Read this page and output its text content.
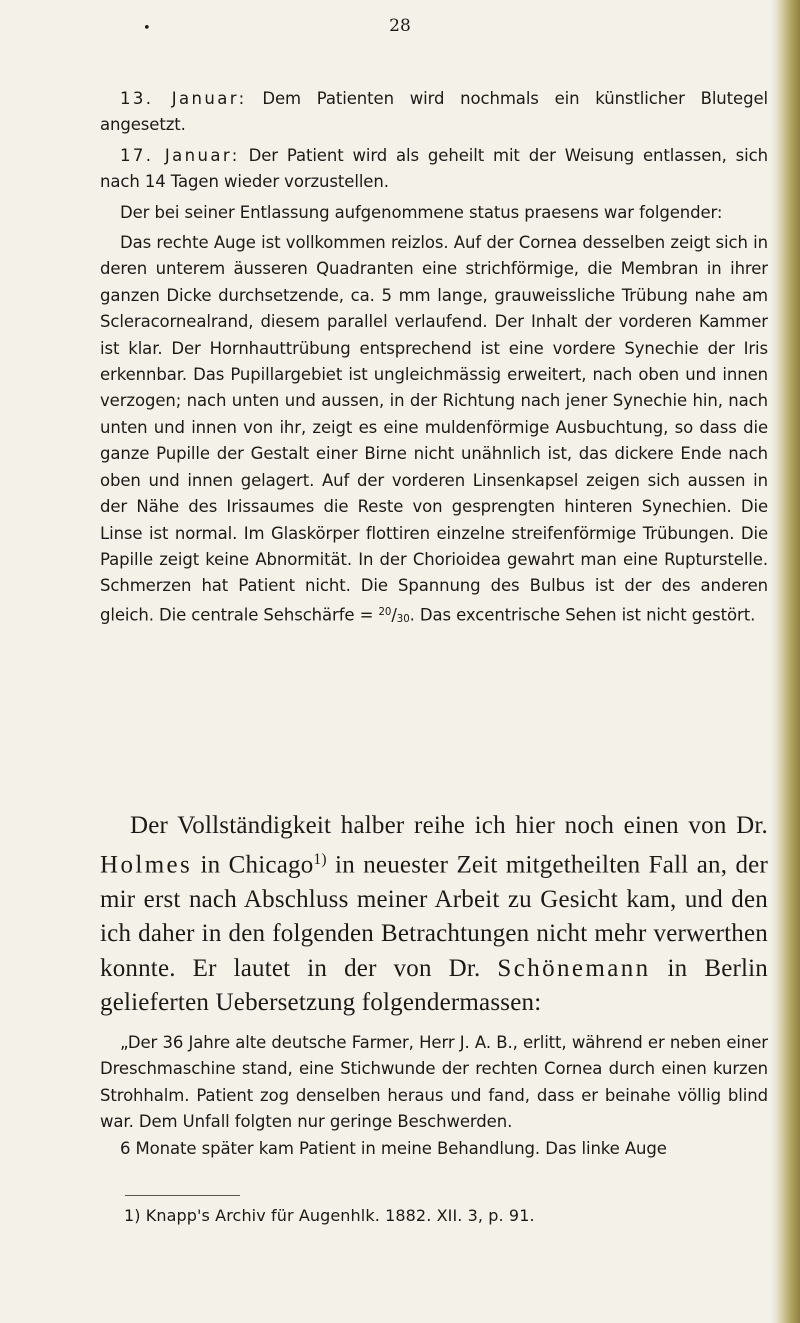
28
•

13. Januar: Dem Patienten wird nochmals ein künstlicher Blutegel angesetzt.

17. Januar: Der Patient wird als geheilt mit der Weisung entlassen, sich nach 14 Tagen wieder vorzustellen.

Der bei seiner Entlassung aufgenommene status praesens war folgender:

Das rechte Auge ist vollkommen reizlos. Auf der Cornea desselben zeigt sich in deren unterem äusseren Quadranten eine strichförmige, die Membran in ihrer ganzen Dicke durchsetzende, ca. 5 mm lange, grauweissliche Trübung nahe am Scleracornealrand, diesem parallel verlaufend. Der Inhalt der vorderen Kammer ist klar. Der Hornhauttrübung entsprechend ist eine vordere Synechie der Iris erkennbar. Das Pupillargebiet ist ungleichmässig erweitert, nach oben und innen verzogen; nach unten und aussen, in der Richtung nach jener Synechie hin, nach unten und innen von ihr, zeigt es eine muldenförmige Ausbuchtung, so dass die ganze Pupille der Gestalt einer Birne nicht unähnlich ist, das dickere Ende nach oben und innen gelagert. Auf der vorderen Linsenkapsel zeigen sich aussen in der Nähe des Irissaumes die Reste von gesprengten hinteren Synechien. Die Linse ist normal. Im Glaskörper flottiren einzelne streifenförmige Trübungen. Die Papille zeigt keine Abnormität. In der Chorioidea gewahrt man eine Rupturstelle. Schmerzen hat Patient nicht. Die Spannung des Bulbus ist der des anderen gleich. Die centrale Sehschärfe = $^{20}$/30. Das excentrische Sehen ist nicht gestört.

Der Vollständigkeit halber reihe ich hier noch einen von Dr. Holmes in Chicago$^{1)}$ in neuester Zeit mitgetheilten Fall an, der mir erst nach Abschluss meiner Arbeit zu Gesicht kam, und den ich daher in den folgenden Betrachtungen nicht mehr verwerthen konnte. Er lautet in der von Dr. Schönemann in Berlin gelieferten Uebersetzung folgendermassen:

„Der 36 Jahre alte deutsche Farmer, Herr J. A. B., erlitt, während er neben einer Dreschmaschine stand, eine Stichwunde der rechten Cornea durch einen kurzen Strohhalm. Patient zog denselben heraus und fand, dass er beinahe völlig blind war. Dem Unfall folgten nur geringe Beschwerden.

6 Monate später kam Patient in meine Behandlung. Das linke Auge

1) Knapp's Archiv für Augenhlk. 1882. XII. 3, p. 91.
